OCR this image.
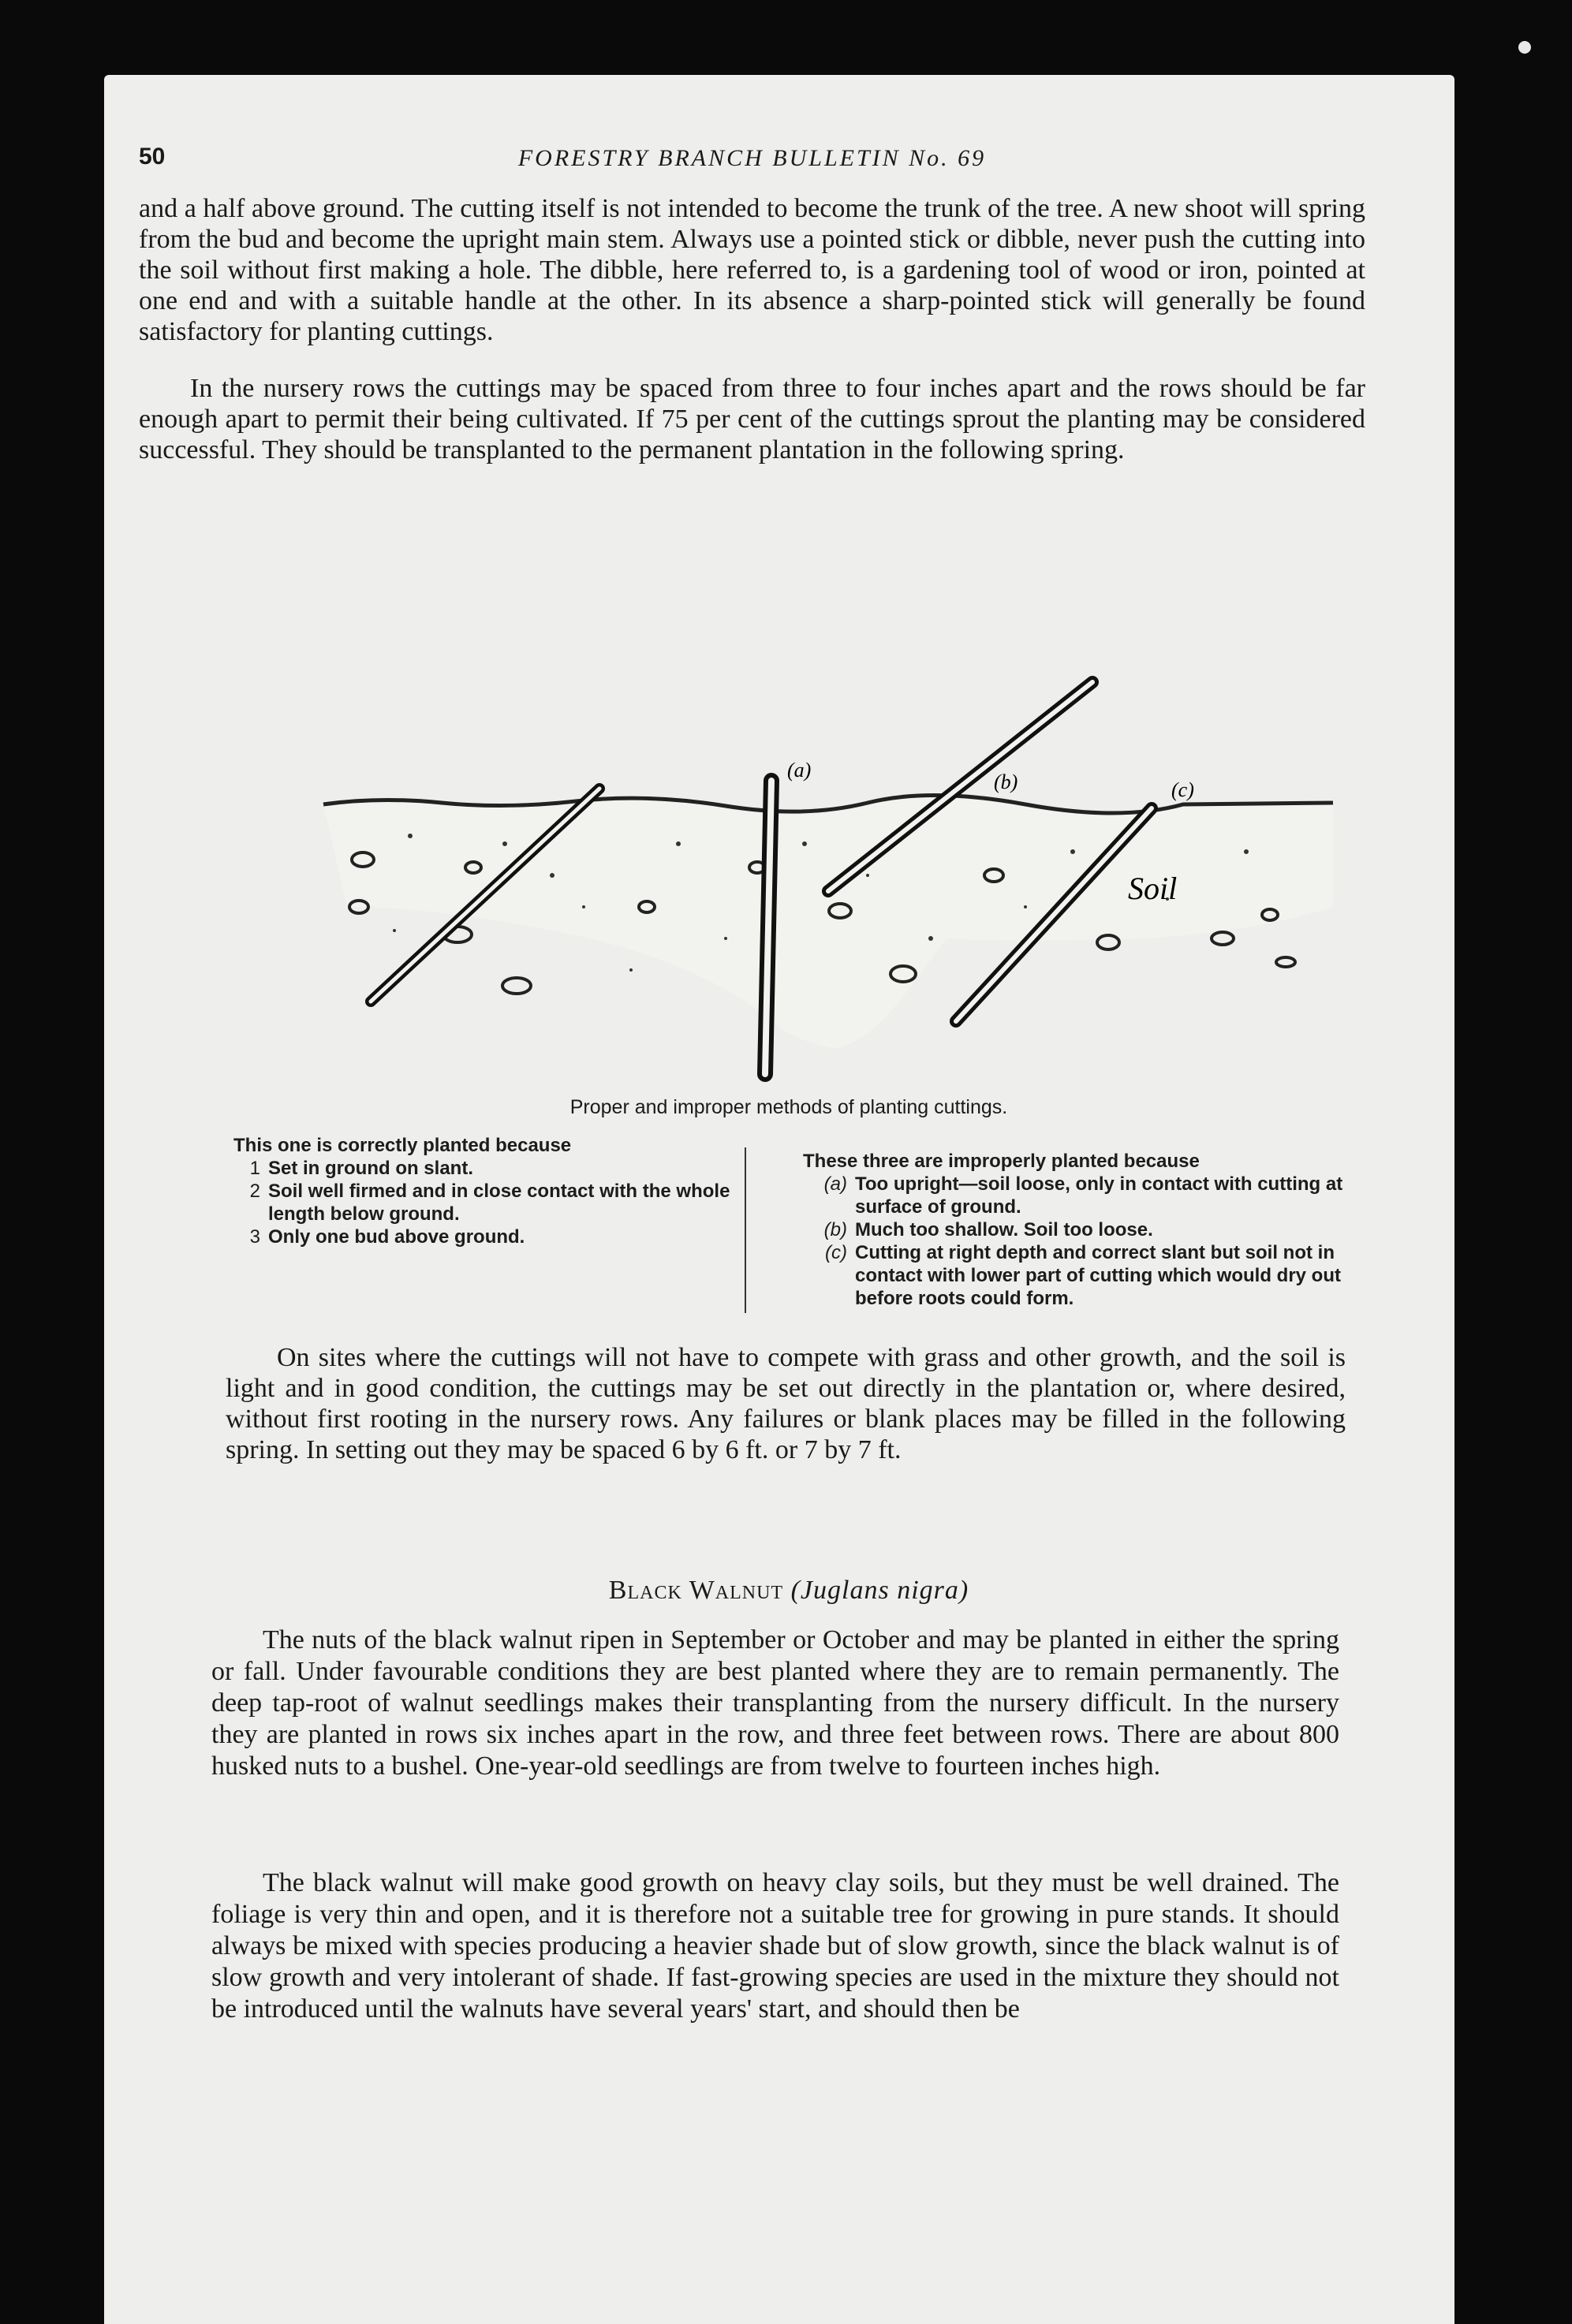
50	FORESTRY BRANCH BULLETIN No. 69

and a half above ground. The cutting itself is not intended to become the trunk of the tree. A new shoot will spring from the bud and become the upright main stem. Always use a pointed stick or dibble, never push the cutting into the soil without first making a hole. The dibble, here referred to, is a gardening tool of wood or iron, pointed at one end and with a suitable handle at the other. In its absence a sharp-pointed stick will generally be found satisfactory for planting cuttings.

In the nursery rows the cuttings may be spaced from three to four inches apart and the rows should be far enough apart to permit their being cultivated. If 75 per cent of the cuttings sprout the planting may be considered successful. They should be transplanted to the permanent plantation in the following spring.

(a)
(b)	(c)
Soil
Proper and improper methods of planting cuttings.
This one is correctly planted because
1 Set in ground on slant.
2 Soil well firmed and in close contact with the whole length below ground.
3 Only one bud above ground.
These three are improperly planted because
(a) Too upright—soil loose, only in contact with cutting at surface of ground.
(b) Much too shallow. Soil too loose.
(c) Cutting at right depth and correct slant but soil not in contact with lower part of cutting which would dry out before roots could form.

On sites where the cuttings will not have to compete with grass and other growth, and the soil is light and in good condition, the cuttings may be set out directly in the plantation or, where desired, without first rooting in the nursery rows. Any failures or blank places may be filled in the following spring. In setting out they may be spaced 6 by 6 ft. or 7 by 7 ft.

Black Walnut (Juglans nigra)

The nuts of the black walnut ripen in September or October and may be planted in either the spring or fall. Under favourable conditions they are best planted where they are to remain permanently. The deep tap-root of walnut seedlings makes their transplanting from the nursery difficult. In the nursery they are planted in rows six inches apart in the row, and three feet between rows. There are about 800 husked nuts to a bushel. One-year-old seedlings are from twelve to fourteen inches high.

The black walnut will make good growth on heavy clay soils, but they must be well drained. The foliage is very thin and open, and it is therefore not a suitable tree for growing in pure stands. It should always be mixed with species producing a heavier shade but of slow growth, since the black walnut is of slow growth and very intolerant of shade. If fast-growing species are used in the mixture they should not be introduced until the walnuts have several years' start, and should then be
